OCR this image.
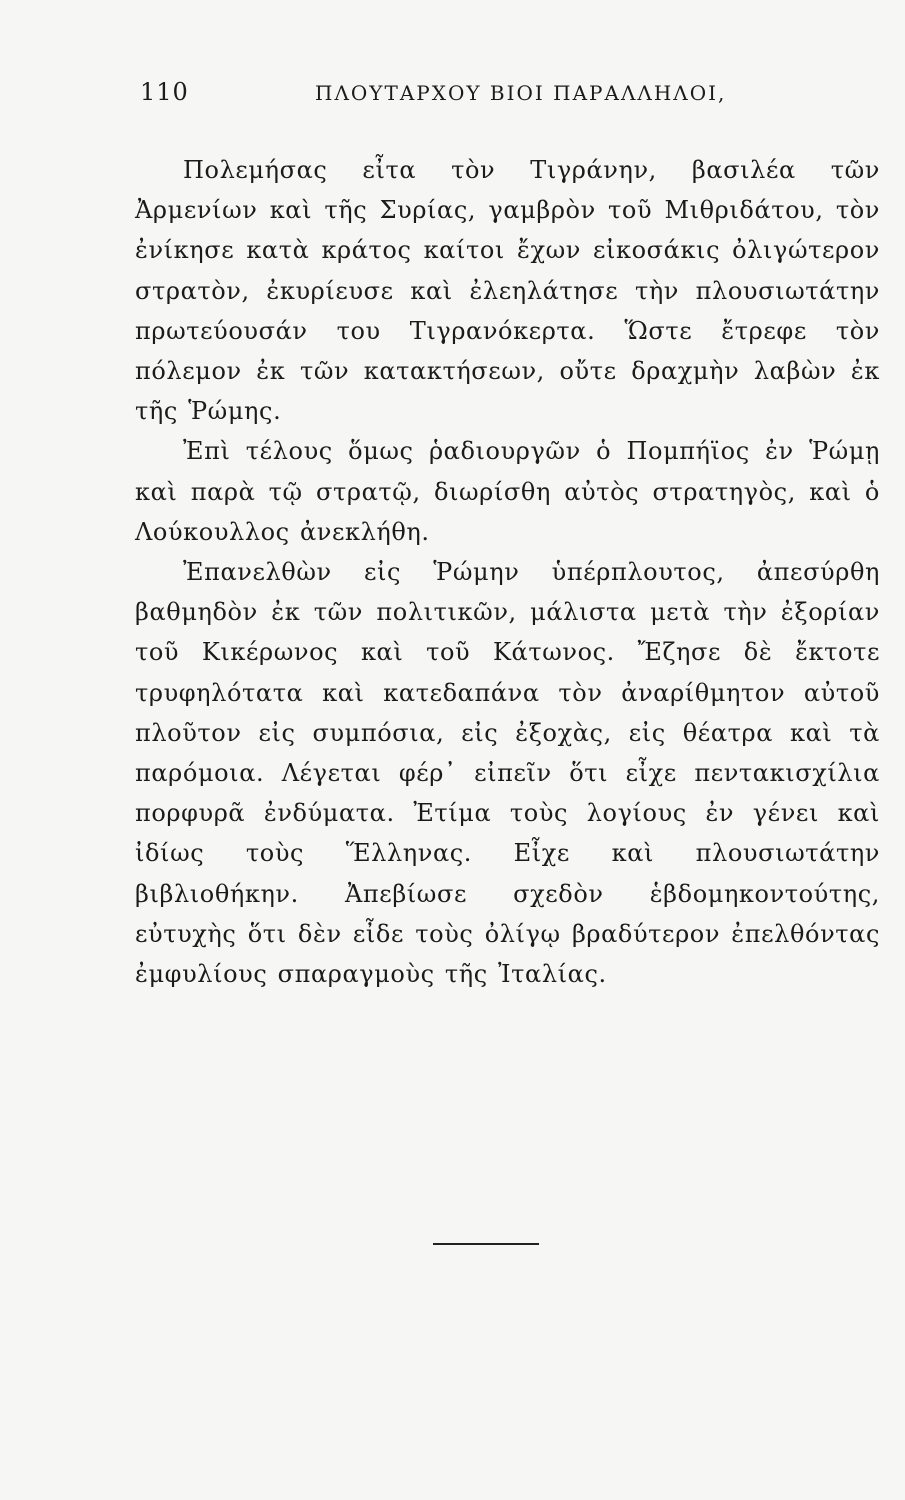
110	ΠΛΟΥΤΑΡΧΟΥ ΒΙΟΙ ΠΑΡΑΛΛΗΛΟΙ,

Πολεμήσας εἶτα τὸν Τιγράνην, βασιλέα τῶν Ἀρμενίων καὶ τῆς Συρίας, γαμβρὸν τοῦ Μιθριδάτου, τὸν ἐνίκησε κατὰ κράτος καίτοι ἔχων εἰκοσάκις ὀλιγώτερον στρατὸν, ἐκυρίευσε καὶ ἐλεηλάτησε τὴν πλουσιωτάτην πρωτεύουσάν του Τιγρανόκερτα. Ὥστε ἔτρεφε τὸν πόλεμον ἐκ τῶν κατακτήσεων, οὔτε δραχμὴν λαβὼν ἐκ τῆς Ῥώμης.

Ἐπὶ τέλους ὅμως ῥαδιουργῶν ὁ Πομπήϊος ἐν Ῥώμῃ καὶ παρὰ τῷ στρατῷ, διωρίσθη αὐτὸς στρατηγὸς, καὶ ὁ Λούκουλλος ἀνεκλήθη.

Ἐπανελθὼν εἰς Ῥώμην ὑπέρπλουτος, ἀπεσύρθη βαθμηδὸν ἐκ τῶν πολιτικῶν, μάλιστα μετὰ τὴν ἐξορίαν τοῦ Κικέρωνος καὶ τοῦ Κάτωνος. Ἔζησε δὲ ἔκτοτε τρυφηλότατα καὶ κατεδαπάνα τὸν ἀναρίθμητον αὐτοῦ πλοῦτον εἰς συμπόσια, εἰς ἐξοχὰς, εἰς θέατρα καὶ τὰ παρόμοια. Λέγεται φέρ᾽ εἰπεῖν ὅτι εἶχε πεντακισχίλια πορφυρᾶ ἐνδύματα. Ἐτίμα τοὺς λογίους ἐν γένει καὶ ἰδίως τοὺς Ἕλληνας. Εἶχε καὶ πλουσιωτάτην βιβλιοθήκην. Ἀπεβίωσε σχεδὸν ἑβδομηκοντούτης, εὐτυχὴς ὅτι δὲν εἶδε τοὺς ὀλίγῳ βραδύτερον ἐπελθόντας ἐμφυλίους σπαραγμοὺς τῆς Ἰταλίας.
